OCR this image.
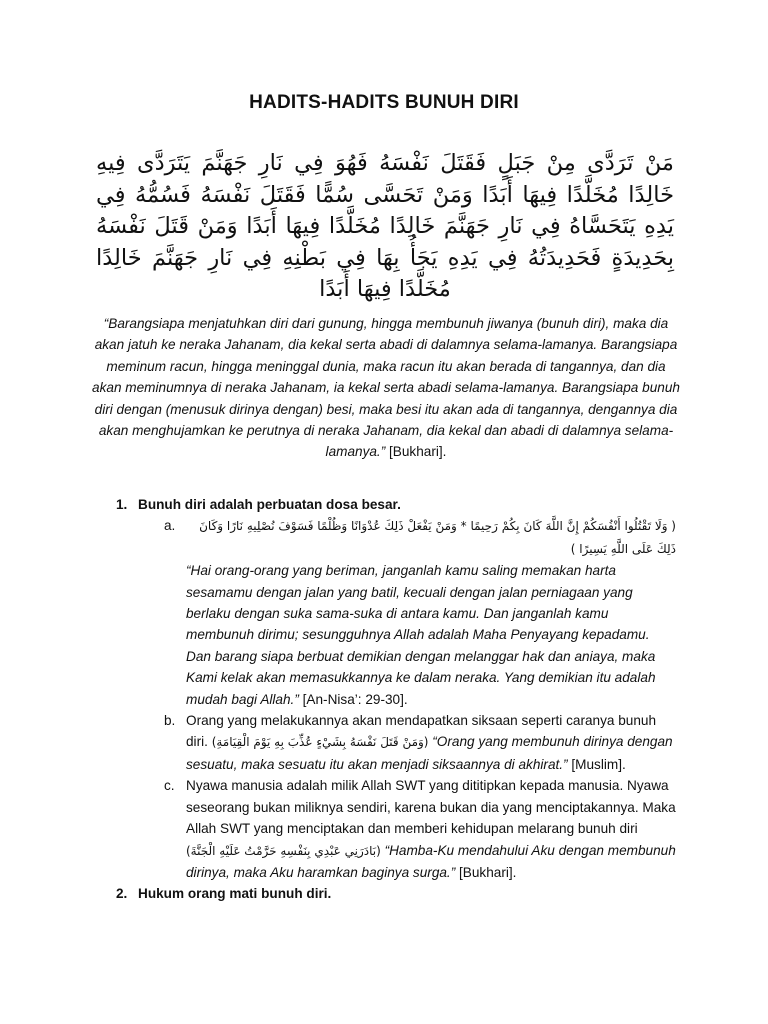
HADITS-HADITS BUNUH DIRI
مَنْ تَرَدَّى مِنْ جَبَلٍ فَقَتَلَ نَفْسَهُ فَهُوَ فِي نَارِ جَهَنَّمَ يَتَرَدَّى فِيهِ خَالِدًا مُخَلَّدًا فِيهَا أَبَدًا وَمَنْ تَحَسَّى سُمًّا فَقَتَلَ نَفْسَهُ فَسُمُّهُ فِي يَدِهِ يَتَحَسَّاهُ فِي نَارِ جَهَنَّمَ خَالِدًا مُخَلَّدًا فِيهَا أَبَدًا وَمَنْ قَتَلَ نَفْسَهُ بِحَدِيدَةٍ فَحَدِيدَتُهُ فِي يَدِهِ يَجَأُ بِهَا فِي بَطْنِهِ فِي نَارِ جَهَنَّمَ خَالِدًا مُخَلَّدًا فِيهَا أَبَدًا
“Barangsiapa menjatuhkan diri dari gunung, hingga membunuh jiwanya (bunuh diri), maka dia akan jatuh ke neraka Jahanam, dia kekal serta abadi di dalamnya selama-lamanya. Barangsiapa meminum racun, hingga meninggal dunia, maka racun itu akan berada di tangannya, dan dia akan meminumnya di neraka Jahanam, ia kekal serta abadi selama-lamanya. Barangsiapa bunuh diri dengan (menusuk dirinya dengan) besi, maka besi itu akan ada di tangannya, dengannya dia akan menghujamkan ke perutnya di neraka Jahanam, dia kekal dan abadi di dalamnya selama-lamanya.” [Bukhari].
1. Bunuh diri adalah perbuatan dosa besar.
a.	( وَلَا تَقْتُلُوا أَنْفُسَكُمْ إِنَّ اللَّهَ كَانَ بِكُمْ رَحِيمًا * وَمَنْ يَفْعَلْ ذَلِكَ عُدْوَانًا وَظُلْمًا فَسَوْفَ نُصْلِيهِ نَارًا وَكَانَ ذَلِكَ عَلَى اللَّهِ يَسِيرًا )
“Hai orang-orang yang beriman, janganlah kamu saling memakan harta sesamamu dengan jalan yang batil, kecuali dengan jalan perniagaan yang berlaku dengan suka sama-suka di antara kamu. Dan janganlah kamu membunuh dirimu; sesungguhnya Allah adalah Maha Penyayang kepadamu. Dan barang siapa berbuat demikian dengan melanggar hak dan aniaya, maka Kami kelak akan memasukkannya ke dalam neraka. Yang demikian itu adalah mudah bagi Allah.” [An-Nisa’: 29-30].
b. Orang yang melakukannya akan mendapatkan siksaan seperti caranya bunuh diri. (وَمَنْ قَتَلَ نَفْسَهُ بِشَيْءٍ عُذِّبَ بِهِ يَوْمَ الْقِيَامَةِ) “Orang yang membunuh dirinya dengan sesuatu, maka sesuatu itu akan menjadi siksaannya di akhirat.” [Muslim].
c. Nyawa manusia adalah milik Allah SWT yang dititipkan kepada manusia. Nyawa seseorang bukan miliknya sendiri, karena bukan dia yang menciptakannya. Maka Allah SWT yang menciptakan dan memberi kehidupan melarang bunuh diri (بَادَرَنِي عَبْدِي بِنَفْسِهِ حَرَّمْتُ عَلَيْهِ الْجَنَّةَ) “Hamba-Ku mendahului Aku dengan membunuh dirinya, maka Aku haramkan baginya surga.” [Bukhari].
2. Hukum orang mati bunuh diri.
